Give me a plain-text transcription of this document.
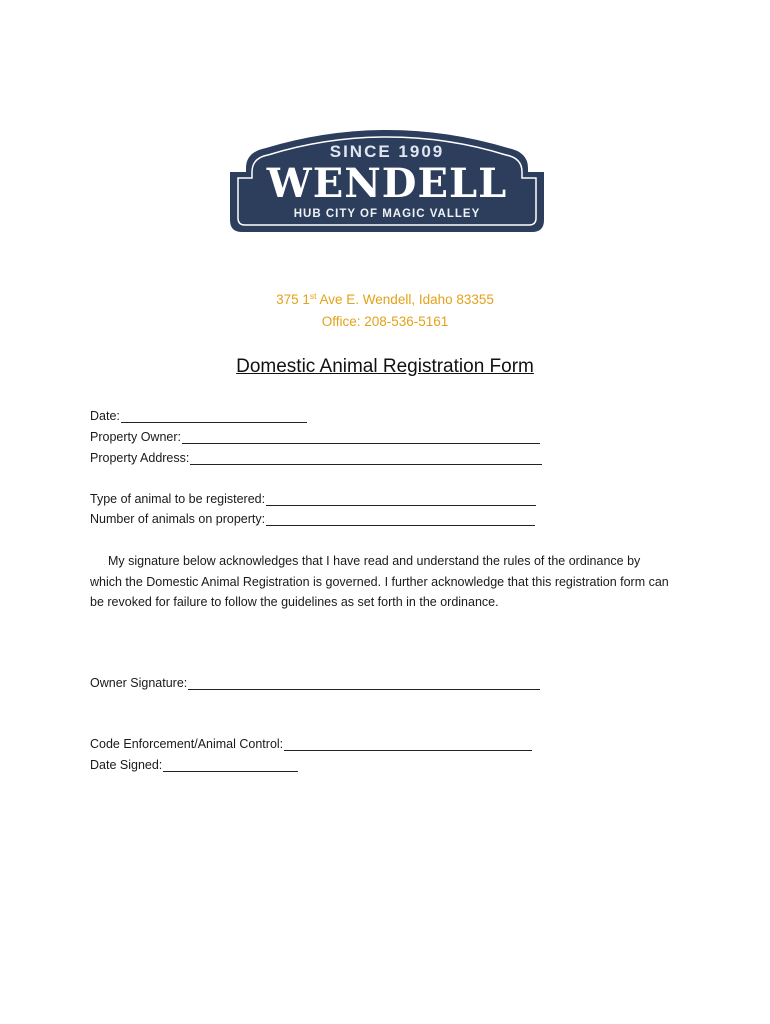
SINCE 1909
WENDELL
HUB CITY OF MAGIC VALLEY
375 1st Ave E. Wendell, Idaho 83355
Office: 208-536-5161
Domestic Animal Registration Form
Date:
Property Owner:
Property Address:
Type of animal to be registered:
Number of animals on property:
My signature below acknowledges that I have read and understand the rules of the ordinance by which the Domestic Animal Registration is governed. I further acknowledge that this registration form can be revoked for failure to follow the guidelines as set forth in the ordinance.
Owner Signature:
Code Enforcement/Animal Control:
Date Signed:
